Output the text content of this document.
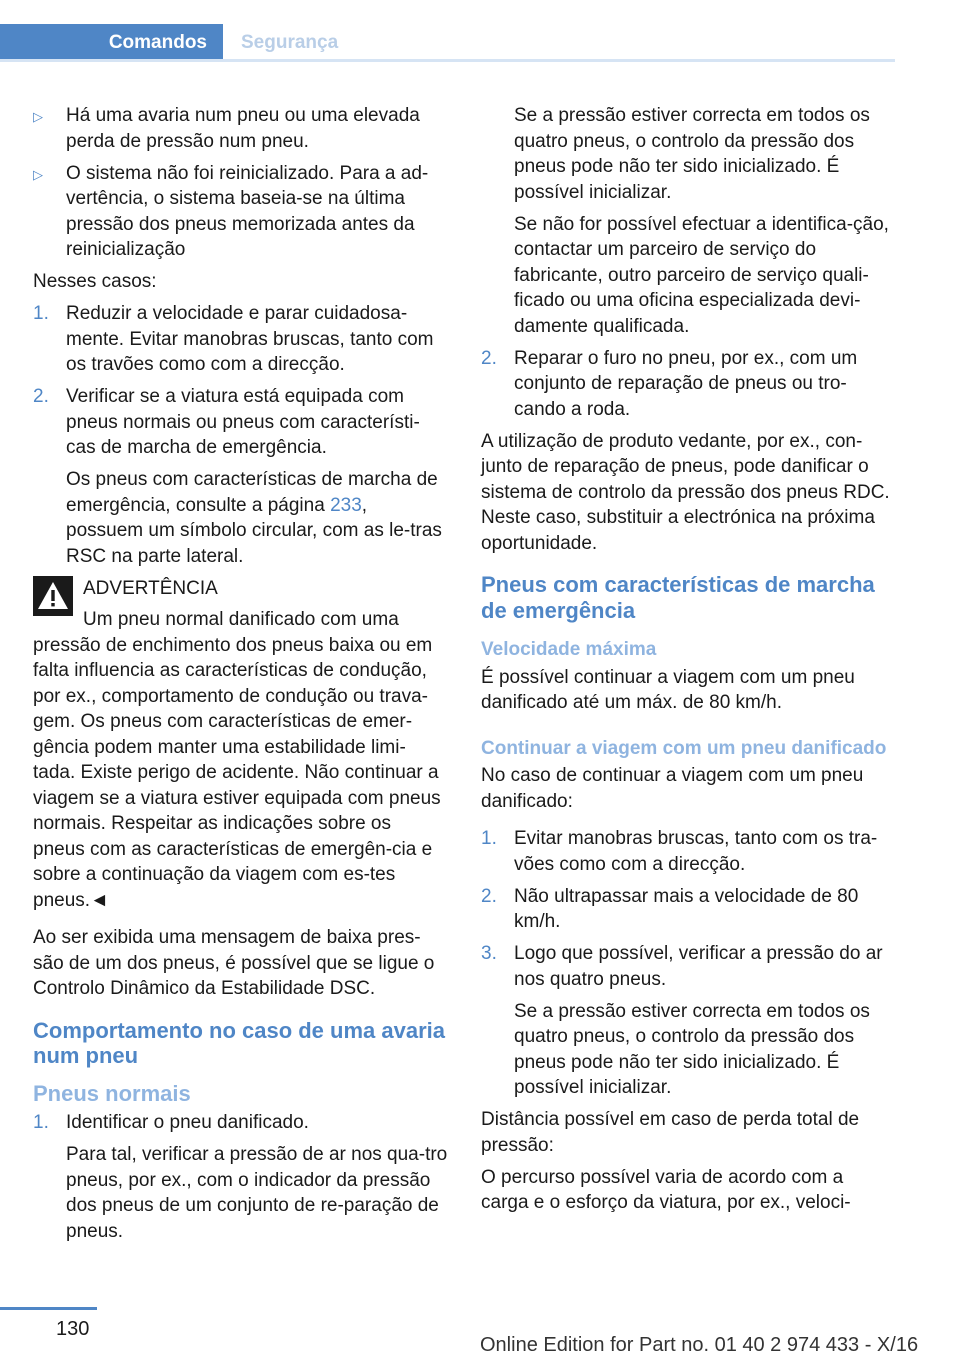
Comandos	Segurança
▷	Há uma avaria num pneu ou uma elevada perda de pressão num pneu.
▷	O sistema não foi reinicializado. Para a ad-vertência, o sistema baseia-se na última pressão dos pneus memorizada antes da reinicialização

Nesses casos:

1. Reduzir a velocidade e parar cuidadosa-mente. Evitar manobras bruscas, tanto com os travões como com a direcção.
2. Verificar se a viatura está equipada com pneus normais ou pneus com característi-cas de marcha de emergência.

Os pneus com características de marcha de emergência, consulte a página 233, possuem um símbolo circular, com as le-tras RSC na parte lateral.

ADVERTÊNCIA
Um pneu normal danificado com uma
pressão de enchimento dos pneus baixa ou em falta influencia as características de condução, por ex., comportamento de condução ou trava-gem. Os pneus com características de emer-gência podem manter uma estabilidade limi-tada. Existe perigo de acidente. Não continuar a viagem se a viatura estiver equipada com pneus normais. Respeitar as indicações sobre os pneus com as características de emergên-cia e sobre a continuação da viagem com es-tes pneus.◄

Ao ser exibida uma mensagem de baixa pres-são de um dos pneus, é possível que se ligue o Controlo Dinâmico da Estabilidade DSC.

Comportamento no caso de uma avaria num pneu
Pneus normais
1. Identificar o pneu danificado.

Para tal, verificar a pressão de ar nos qua-tro pneus, por ex., com o indicador da pressão dos pneus de um conjunto de re-paração de pneus.

Se a pressão estiver correcta em todos os quatro pneus, o controlo da pressão dos pneus pode não ter sido inicializado. É possível inicializar.

Se não for possível efectuar a identifica-ção, contactar um parceiro de serviço do fabricante, outro parceiro de serviço quali-ficado ou uma oficina especializada devi-damente qualificada.

2. Reparar o furo no pneu, por ex., com um conjunto de reparação de pneus ou tro-cando a roda.

A utilização de produto vedante, por ex., con-junto de reparação de pneus, pode danificar o sistema de controlo da pressão dos pneus RDC. Neste caso, substituir a electrónica na próxima oportunidade.

Pneus com características de marcha de emergência
Velocidade máxima

É possível continuar a viagem com um pneu danificado até um máx. de 80 km/h.

Continuar a viagem com um pneu danificado

No caso de continuar a viagem com um pneu danificado:

1. Evitar manobras bruscas, tanto com os tra-vões como com a direcção.
2. Não ultrapassar mais a velocidade de 80 km/h.
3. Logo que possível, verificar a pressão do ar nos quatro pneus.

Se a pressão estiver correcta em todos os quatro pneus, o controlo da pressão dos pneus pode não ter sido inicializado. É possível inicializar.

Distância possível em caso de perda total de pressão:

O percurso possível varia de acordo com a carga e o esforço da viatura, por ex., veloci-

130
Online Edition for Part no. 01 40 2 974 433 - X/16
